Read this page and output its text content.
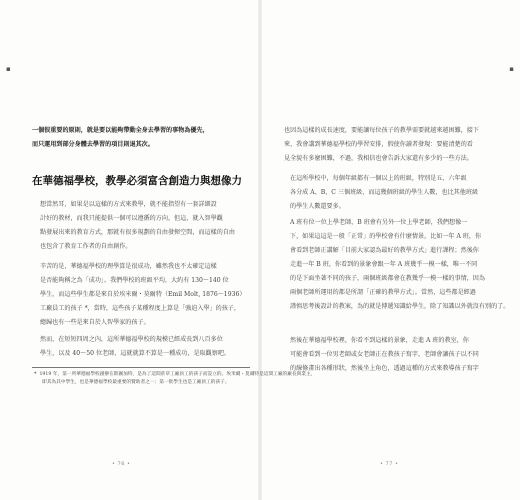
▪
一個很重要的原則，就是要以能夠帶動全身去學習的事物為優先，
而只運用到部分身體去學習的項目則退其次。
在華德福學校，教學必須富含創造力與想像力
想當然耳，如果是以這樣的方式來教學，就不能指望有一套詳細設
計好的教材，而我只能提供一個可以遵循的方向，但這，就入智學觀
點發展出來的教育方式，那就有很多規劃的自由發揮空間，而這樣的自由
也包含了教育工作者的自由創作。
辛苦的是，華德福學校的理學算是很成功，雖然我也不太確定這樣
是否能夠稱之為「成功」。我們學校的班級平均，大約有 130～140 位
學生，而這些學生都是來自於埃米爾・莫爾特（Emil Molt, 1876～1936）
工廠員工的孩子 *，當時，這些孩子某種程度上算是「強迫入學」的孩子，
總歸也有一些是來自於人智學家的孩子。
然而，在短短四周之內，這所華德福學校的規模已經成長到八百多位
學生，以及 40～50 位老師，這就就算不算是一種成功，是取觀察吧。
* 1919 年，第一所華德福學校創辦在斯圖加特，是為了這間菸草工廠員工的孩子而設立的。埃米爾・莫爾特是這間工廠的廠長與業主，
即其為其中學生，也是華德福學校最重要的贊助者之一；第一批學生也是工廠員工的孩子。
• 76 •
▪
也因為這樣的成長速度，要能讓每位孩子的教學需要就越來越困難，接下
來，我會講到華德福學校的學習安排，假使你讀者發現：要能清楚的看
見全貌有多麼困難，不過，我相信也會告訴大家還有多少的一些方法。
在這所學校中，每個年級都有一個以上的班級，特別是五、六年級
各分成 A、B、C 三個班級，而這幾個班級的學生人數，也比其他班級
的學生人數還要多。
A 班有位一位上學老師，B 班會有另外一位上學老師，我們想像一
下，如果這這是一般「正常」的學校會有什麼情景，比如一年 A 班，你
會看到老師正講解「目前大家認為最好的教學方式」進行課程；然後你
走進一年 B 班，你看到的景象會跟一年 A 班幾乎一模一樣，唯一不同
的是下面坐著不同的孩子，兩個班級都會在教幾乎一模一樣的事情，因為
兩個老師所運用的都是所謂「正確的教學方式」。當然，這些都是經過
謹慎思考後設計的教案，為的就是傳遞知識給學生，除了知識以外就沒有別的了。
然後在華德福學校裡，你看不到這樣的景象，走進 A 班的教室，你
可能會看到一位男老師或女老師正在教孩子寫字，老師會讓孩子以不同
的線條畫出各種形狀，然後坐上角色，透過這種的方式來教導孩子寫字
• 77 •
